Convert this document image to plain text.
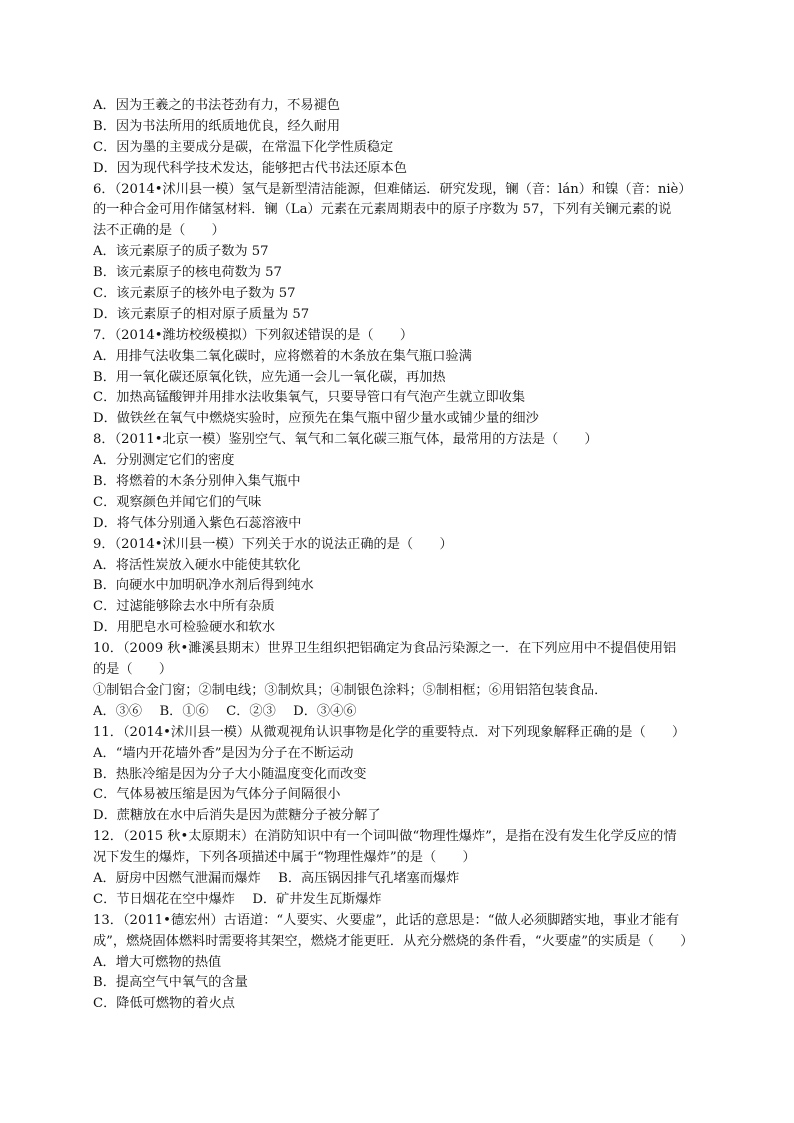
A．因为王羲之的书法苍劲有力，不易褪色
B．因为书法所用的纸质地优良，经久耐用
C．因为墨的主要成分是碳，在常温下化学性质稳定
D．因为现代科学技术发达，能够把古代书法还原本色
6．（2014•沭川县一模）氢气是新型清洁能源，但难储运．研究发现，镧（音：lán）和镍（音：niè）
的一种合金可用作储氢材料．镧（La）元素在元素周期表中的原子序数为 57，下列有关镧元素的说
法不正确的是（　　）
A．该元素原子的质子数为 57
B．该元素原子的核电荷数为 57
C．该元素原子的核外电子数为 57
D．该元素原子的相对原子质量为 57
7．（2014•潍坊校级模拟）下列叙述错误的是（　　）
A．用排气法收集二氧化碳时，应将燃着的木条放在集气瓶口验满
B．用一氧化碳还原氧化铁，应先通一会儿一氧化碳，再加热
C．加热高锰酸钾并用排水法收集氧气，只要导管口有气泡产生就立即收集
D．做铁丝在氧气中燃烧实验时，应预先在集气瓶中留少量水或铺少量的细沙
8．（2011•北京一模）鉴别空气、氧气和二氧化碳三瓶气体，最常用的方法是（　　）
A．分别测定它们的密度
B．将燃着的木条分别伸入集气瓶中
C．观察颜色并闻它们的气味
D．将气体分别通入紫色石蕊溶液中
9．（2014•沭川县一模）下列关于水的说法正确的是（　　）
A．将活性炭放入硬水中能使其软化
B．向硬水中加明矾净水剂后得到纯水
C．过滤能够除去水中所有杂质
D．用肥皂水可检验硬水和软水
10．（2009 秋•濉溪县期末）世界卫生组织把铝确定为食品污染源之一．在下列应用中不提倡使用铝
的是（　　）
①制铝合金门窗；②制电线；③制炊具；④制银色涂料；⑤制相框；⑥用铝箔包装食品．
A．③⑥　 B．①⑥　 C．②③　 D．③④⑥
11．（2014•沭川县一模）从微观视角认识事物是化学的重要特点．对下列现象解释正确的是（　　）
A．“墙内开花墙外香”是因为分子在不断运动
B．热胀冷缩是因为分子大小随温度变化而改变
C．气体易被压缩是因为气体分子间隔很小
D．蔗糖放在水中后消失是因为蔗糖分子被分解了
12．（2015 秋•太原期末）在消防知识中有一个词叫做“物理性爆炸”，是指在没有发生化学反应的情
况下发生的爆炸，下列各项描述中属于“物理性爆炸”的是（　　）
A．厨房中因燃气泄漏而爆炸　 B．高压锅因排气孔堵塞而爆炸
C．节日烟花在空中爆炸　 D．矿井发生瓦斯爆炸
13．（2011•德宏州）古语道：“人要实、火要虚”，此话的意思是：“做人必须脚踏实地，事业才能有
成”，燃烧固体燃料时需要将其架空，燃烧才能更旺．从充分燃烧的条件看，“火要虚”的实质是（　　）
A．增大可燃物的热值
B．提高空气中氧气的含量
C．降低可燃物的着火点
